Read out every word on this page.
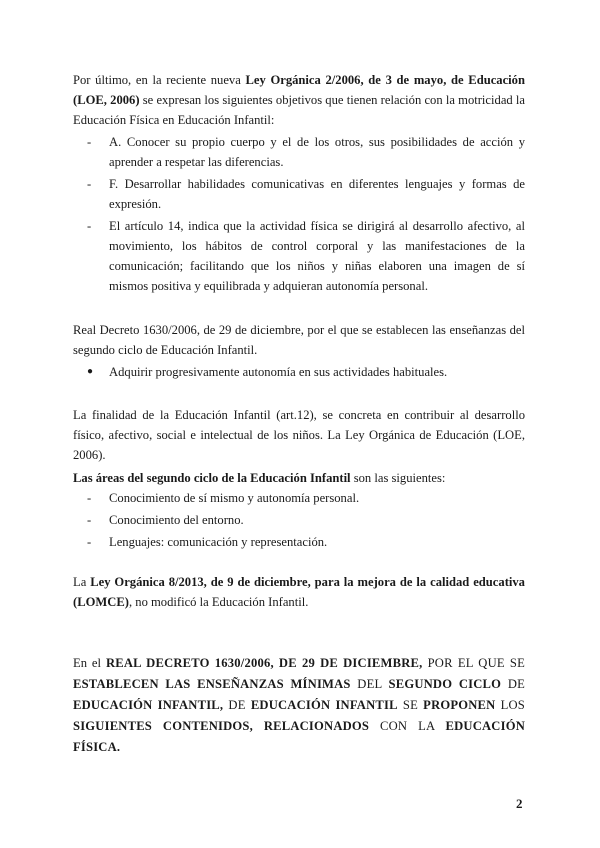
Por último, en la reciente nueva Ley Orgánica 2/2006, de 3 de mayo, de Educación (LOE, 2006) se expresan los siguientes objetivos que tienen relación con la motricidad la Educación Física en Educación Infantil:

- A. Conocer su propio cuerpo y el de los otros, sus posibilidades de acción y aprender a respetar las diferencias.
- F. Desarrollar habilidades comunicativas en diferentes lenguajes y formas de expresión.
- El artículo 14, indica que la actividad física se dirigirá al desarrollo afectivo, al movimiento, los hábitos de control corporal y las manifestaciones de la comunicación; facilitando que los niños y niñas elaboren una imagen de sí mismos positiva y equilibrada y adquieran autonomía personal.

Real Decreto 1630/2006, de 29 de diciembre, por el que se establecen las enseñanzas del segundo ciclo de Educación Infantil.

● Adquirir progresivamente autonomía en sus actividades habituales.

La finalidad de la Educación Infantil (art.12), se concreta en contribuir al desarrollo físico, afectivo, social e intelectual de los niños. La Ley Orgánica de Educación (LOE, 2006).

Las áreas del segundo ciclo de la Educación Infantil son las siguientes:

- Conocimiento de sí mismo y autonomía personal.
- Conocimiento del entorno.
- Lenguajes: comunicación y representación.

La Ley Orgánica 8/2013, de 9 de diciembre, para la mejora de la calidad educativa (LOMCE), no modificó la Educación Infantil.

En el REAL DECRETO 1630/2006, DE 29 DE DICIEMBRE, POR EL QUE SE ESTABLECEN LAS ENSEÑANZAS MÍNIMAS DEL SEGUNDO CICLO DE EDUCACIÓN INFANTIL, DE EDUCACIÓN INFANTIL SE PROPONEN LOS SIGUIENTES CONTENIDOS, RELACIONADOS CON LA EDUCACIÓN FÍSICA.

2
